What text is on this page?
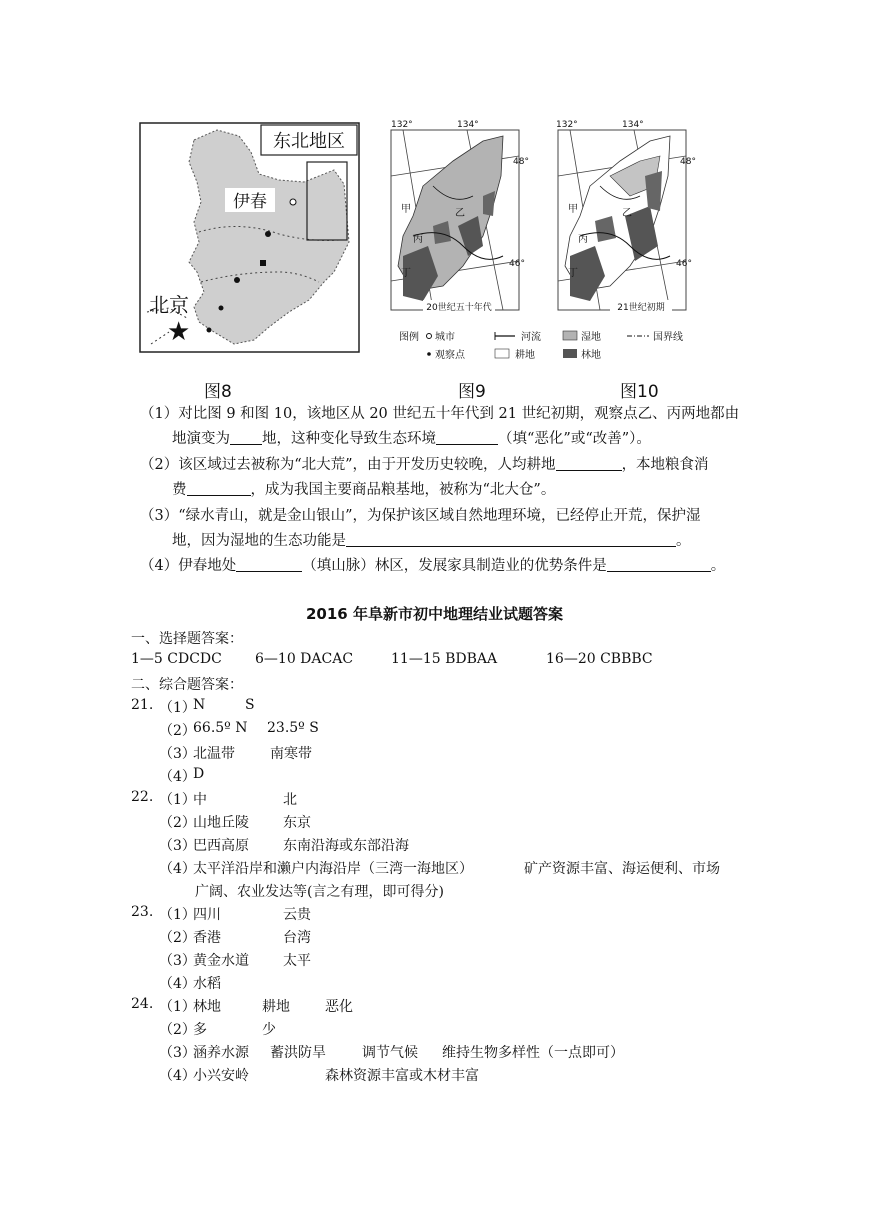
东北地区
伊春
北京
★
图8
132°	134°
48°
46°
甲	乙
丙
丁
20世纪五十年代
图9
132°	134°
48°
46°
甲	乙
丙
丁
21世纪初期
图10
图例 城市	河流	湿地	国界线
观察点	耕地	林地
（1）对比图 9 和图 10，该地区从 20 世纪五十年代到 21 世纪初期，观察点乙、丙两地都由
地演变为 地，这种变化导致生态环境	（填“恶化”或“改善”）。
（2）该区域过去被称为“北大荒”，由于开发历史较晚，人均耕地	，本地粮食消
费	，成为我国主要商品粮基地，被称为“北大仓”。
（3）“绿水青山，就是金山银山”，为保护该区域自然地理环境，已经停止开荒，保护湿
地，因为湿地的生态功能是	。
（4）伊春地处	（填山脉）林区，发展家具制造业的优势条件是	。
2016 年阜新市初中地理结业试题答案
一、选择题答案：
1—5 CDCDC 6—10 DACAC	11—15 BDBAA	16—20 CBBBC
二、综合题答案：
21. （1）
N	S
（2）
66.5º N 23.5º S
（3）
北温带	南寒带
（4）
D
22. （1）
中	北
（2）
山地丘陵 东京
（3）
巴西高原 东南沿海或东部沿海
（4）
太平洋沿岸和濑户内海沿岸（三湾一海地区）	矿产资源丰富、海运便利、市场
广阔、农业发达等(言之有理，即可得分)
23. （1）
四川	云贵
（2）
香港	台湾
（3）
黄金水道 太平
（4）
水稻
24. （1）
林地	耕地	恶化
（2）
多	少
（3）
涵养水源 蓄洪防旱	调节气候 维持生物多样性（一点即可）
（4）
小兴安岭	森林资源丰富或木材丰富
